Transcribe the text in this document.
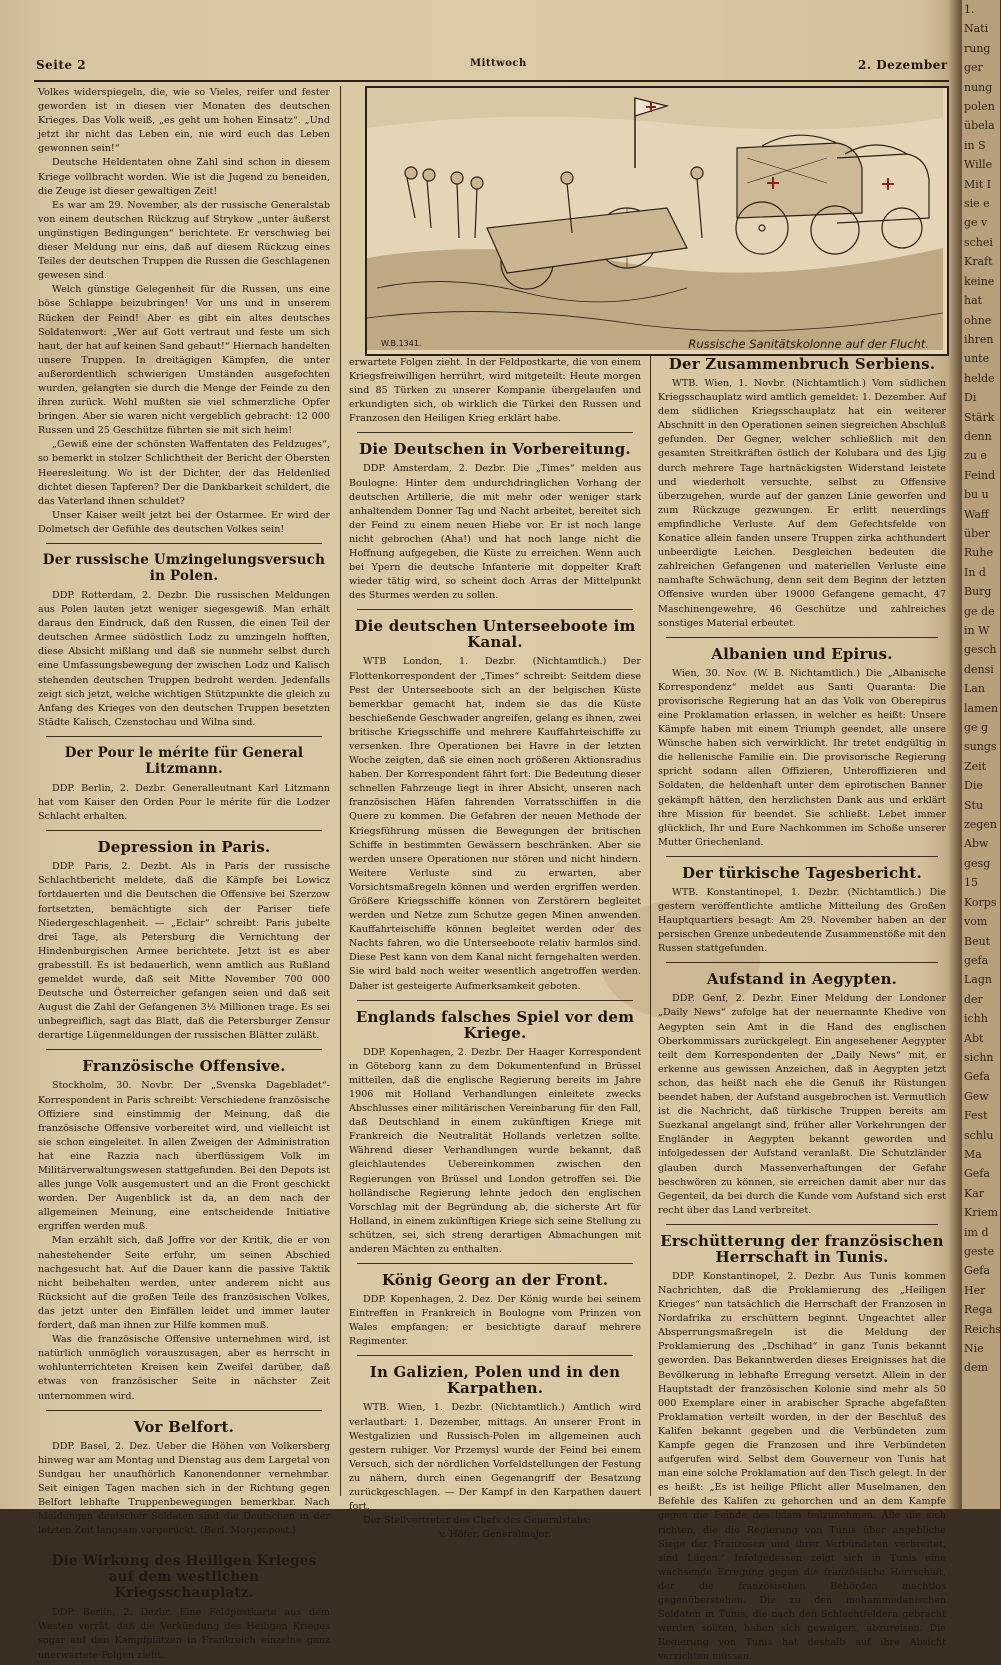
Seite 2	Mittwoch	2. Dezember
W.B.1341.	Russische Sanitätskolonne auf der Flucht.

Volkes widerspiegeln, die, wie so Vieles, reifer und fester geworden ist in diesen vier Monaten des deutschen Krieges. Das Volk weiß, „es geht um hohen Einsatz“. „Und jetzt ihr nicht das Leben ein, nie wird euch das Leben gewonnen sein!“

Deutsche Heldentaten ohne Zahl sind schon in diesem Kriege vollbracht worden. Wie ist die Jugend zu beneiden, die Zeuge ist dieser gewaltigen Zeit!

Es war am 29. November, als der russische Generalstab von einem deutschen Rückzug auf Strykow „unter äußerst ungünstigen Bedingungen“ berichtete. Er verschwieg bei dieser Meldung nur eins, daß auf diesem Rückzug eines Teiles der deutschen Truppen die Russen die Geschlagenen gewesen sind.

Welch günstige Gelegenheit für die Russen, uns eine böse Schlappe beizubringen! Vor uns und in unserem Rücken der Feind! Aber es gibt ein altes deutsches Soldatenwort: „Wer auf Gott vertraut und feste um sich haut, der hat auf keinen Sand gebaut!“ Hiernach handelten unsere Truppen. In dreitägigen Kämpfen, die unter außerordentlich schwierigen Umständen ausgefochten wurden, gelangten sie durch die Menge der Feinde zu den ihren zurück. Wohl mußten sie viel schmerzliche Opfer bringen. Aber sie waren nicht vergeblich gebracht: 12 000 Russen und 25 Geschütze führten sie mit sich heim!

„Gewiß eine der schönsten Waffentaten des Feldzuges“, so bemerkt in stolzer Schlichtheit der Bericht der Obersten Heeresleitung. Wo ist der Dichter, der das Heldenlied dichtet diesen Tapferen? Der die Dankbarkeit schildert, die das Vaterland ihnen schuldet?

Unser Kaiser weilt jetzt bei der Ostarmee. Er wird der Dolmetsch der Gefühle des deutschen Volkes sein!

Der russische Umzingelungsversuch in Polen.

DDP. Rotterdam, 2. Dezbr. Die russischen Meldungen aus Polen lauten jetzt weniger siegesgewiß. Man erhält daraus den Eindruck, daß den Russen, die einen Teil der deutschen Armee südöstlich Lodz zu umzingeln hofften, diese Absicht mißlang und daß sie nunmehr selbst durch eine Umfassungsbewegung der zwischen Lodz und Kalisch stehenden deutschen Truppen bedroht werden. Jedenfalls zeigt sich jetzt, welche wichtigen Stützpunkte die gleich zu Anfang des Krieges von den deutschen Truppen besetzten Städte Kalisch, Czenstochau und Wilna sind.

Der Pour le mérite für General Litzmann.

DDP. Berlin, 2. Dezbr. Generalleutnant Karl Litzmann hat vom Kaiser den Orden Pour le mérite für die Lodzer Schlacht erhalten.

Depression in Paris.

DDP. Paris, 2. Dezbt. Als in Paris der russische Schlachtbericht meldete, daß die Kämpfe bei Lowicz fortdauerten und die Deutschen die Offensive bei Szerzow fortsetzten, bemächtigte sich der Pariser tiefe Niedergeschlagenheit. — „Eclair“ schreibt: Paris jubelte drei Tage, als Petersburg die Vernichtung der Hindenburgischen Armee berichtete. Jetzt ist es aber grabesstill. Es ist bedauerlich, wenn amtlich aus Rußland gemeldet wurde, daß seit Mitte November 700 000 Deutsche und Österreicher gefangen seien und daß seit August die Zahl der Gefangenen 3½ Millionen trage. Es sei unbegreiflich, sagt das Blatt, daß die Petersburger Zensur derartige Lügenmeldungen der russischen Blätter zuläßt.

Französische Offensive.

Stockholm, 30. Novbr. Der „Svenska Dagebladet“-Korrespondent in Paris schreibt: Verschiedene französische Offiziere sind einstimmig der Meinung, daß die französische Offensive vorbereitet wird, und vielleicht ist sie schon eingeleitet. In allen Zweigen der Administration hat eine Razzia nach überflüssigem Volk im Militärverwaltungswesen stattgefunden. Bei den Depots ist alles junge Volk ausgemustert und an die Front geschickt worden. Der Augenblick ist da, an dem nach der allgemeinen Meinung, eine entscheidende Initiative ergriffen werden muß.

Man erzählt sich, daß Joffre vor der Kritik, die er von nahestehender Seite erfuhr, um seinen Abschied nachgesucht hat. Auf die Dauer kann die passive Taktik nicht beibehalten werden, unter anderem nicht aus Rücksicht auf die großen Teile des französischen Volkes, das jetzt unter den Einfällen leidet und immer lauter fordert, daß man ihnen zur Hilfe kommen muß.

Was die französische Offensive unternehmen wird, ist natürlich unmöglich vorauszusagen, aber es herrscht in wohlunterrichteten Kreisen kein Zweifel darüber, daß etwas von französischer Seite in nächster Zeit unternommen wird.

Vor Belfort.

DDP. Basel, 2. Dez. Ueber die Höhen von Volkersberg hinweg war am Montag und Dienstag aus dem Largetal von Sundgau her unaufhörlich Kanonendonner vernehmbar. Seit einigen Tagen machen sich in der Richtung gegen Belfort lebhafte Truppenbewegungen bemerkbar. Nach Meldungen deutscher Soldaten sind die Deutschen in der letzten Zeit langsam vorgerückt. (Berl. Morgenpost.)

Die Wirkung des Heiligen Krieges auf dem westlichen Kriegsschauplatz.

DDP. Berlin, 2. Dezbr. Eine Feldpostkarte aus dem Westen verrät, daß die Verkündung des Heiligen Krieges sogar auf den Kampfplätzen in Frankreich einzelne ganz unerwartete Folgen zieht.

erwartete Folgen zieht. In der Feldpostkarte, die von einem Kriegsfreiwilligen herrührt, wird mitgeteilt: Heute morgen sind 85 Türken zu unserer Kompanie übergelaufen und erkundigten sich, ob wirklich die Türkei den Russen und Franzosen den Heiligen Krieg erklärt habe.

Die Deutschen in Vorbereitung.

DDP. Amsterdam, 2. Dezbr. Die „Times“ melden aus Boulogne: Hinter dem undurchdringlichen Vorhang der deutschen Artillerie, die mit mehr oder weniger stark anhaltendem Donner Tag und Nacht arbeitet, bereitet sich der Feind zu einem neuen Hiebe vor. Er ist noch lange nicht gebrochen (Aha!) und hat noch lange nicht die Hoffnung aufgegeben, die Küste zu erreichen. Wenn auch bei Ypern die deutsche Infanterie mit doppelter Kraft wieder tätig wird, so scheint doch Arras der Mittelpunkt des Sturmes werden zu sollen.

Die deutschen Unterseeboote im Kanal.

WTB London, 1. Dezbr. (Nichtamtlich.) Der Flottenkorrespondent der „Times“ schreibt: Seitdem diese Pest der Unterseeboote sich an der belgischen Küste bemerkbar gemacht hat, indem sie das die Küste beschießende Geschwader angreifen, gelang es ihnen, zwei britische Kriegsschiffe und mehrere Kauffahrteischiffe zu versenken. Ihre Operationen bei Havre in der letzten Woche zeigten, daß sie einen noch größeren Aktionsradius haben. Der Korrespondent fährt fort: Die Bedeutung dieser schnellen Fahrzeuge liegt in ihrer Absicht, unseren nach französischen Häfen fahrenden Vorratsschiffen in die Quere zu kommen. Die Gefahren der neuen Methode der Kriegsführung müssen die Bewegungen der britischen Schiffe in bestimmten Gewässern beschränken. Aber sie werden unsere Operationen nur stören und nicht hindern. Weitere Verluste sind zu erwarten, aber Vorsichtsmaßregeln können und werden ergriffen werden. Größere Kriegsschiffe können von Zerstörern begleitet werden und Netze zum Schutze gegen Minen anwenden. Kauffahrteischiffe können begleitet werden oder des Nachts fahren, wo die Unterseeboote relativ harmlos sind. Diese Pest kann von dem Kanal nicht ferngehalten werden. Sie wird bald noch weiter wesentlich angetroffen werden. Daher ist gesteigerte Aufmerksamkeit geboten.

Englands falsches Spiel vor dem Kriege.

DDP. Kopenhagen, 2. Dezbr. Der Haager Korrespondent in Göteborg kann zu dem Dokumentenfund in Brüssel mitteilen, daß die englische Regierung bereits im Jahre 1906 mit Holland Verhandlungen einleitete zwecks Abschlusses einer militärischen Vereinbarung für den Fall, daß Deutschland in einem zukünftigen Kriege mit Frankreich die Neutralität Hollands verletzen sollte. Während dieser Verhandlungen wurde bekannt, daß gleichlautendes Uebereinkommen zwischen den Regierungen von Brüssel und London getroffen sei. Die holländische Regierung lehnte jedoch den englischen Vorschlag mit der Begründung ab, die sicherste Art für Holland, in einem zukünftigen Kriege sich seine Stellung zu schützen, sei, sich streng derartigen Abmachungen mit anderen Mächten zu enthalten.

König Georg an der Front.

DDP. Kopenhagen, 2. Dez. Der König wurde bei seinem Eintreffen in Frankreich in Boulogne vom Prinzen von Wales empfangen; er besichtigte darauf mehrere Regimenter.

In Galizien, Polen und in den Karpathen.

WTB. Wien, 1. Dezbr. (Nichtamtlich.) Amtlich wird verlautbart: 1. Dezember, mittags. An unserer Front in Westgalizien und Russisch-Polen im allgemeinen auch gestern ruhiger. Vor Przemysl wurde der Feind bei einem Versuch, sich der nördlichen Vorfeldstellungen der Festung zu nähern, durch einen Gegenangriff der Besatzung zurückgeschlagen. — Der Kampf in den Karpathen dauert fort.

Der Stellvertreter des Chefs des Generalstabs:

v. Höfer, Generalmajor.

Der Zusammenbruch Serbiens.

WTB. Wien, 1. Novbr. (Nichtamtlich.) Vom südlichen Kriegsschauplatz wird amtlich gemeldet: 1. Dezember. Auf dem südlichen Kriegsschauplatz hat ein weiterer Abschnitt in den Operationen seinen siegreichen Abschluß gefunden. Der Gegner, welcher schließlich mit den gesamten Streitkräften östlich der Kolubara und des Ljig durch mehrere Tage hartnäckigsten Widerstand leistete und wiederholt versuchte, selbst zu Offensive überzugehen, wurde auf der ganzen Linie geworfen und zum Rückzuge gezwungen. Er erlitt neuerdings empfindliche Verluste. Auf dem Gefechtsfelde von Konatice allein fanden unsere Truppen zirka achthundert unbeerdigte Leichen. Desgleichen bedeuten die zahlreichen Gefangenen und materiellen Verluste eine namhafte Schwächung, denn seit dem Beginn der letzten Offensive wurden über 19000 Gefangene gemacht, 47 Maschinengewehre, 46 Geschütze und zahlreiches sonstiges Material erbeutet.

Albanien und Epirus.

Wien, 30. Nov. (W. B. Nichtamtlich.) Die „Albanische Korrespondenz“ meldet aus Santi Quaranta: Die provisorische Regierung hat an das Volk von Oberepirus eine Proklamation erlassen, in welcher es heißt: Unsere Kämpfe haben mit einem Triumph geendet, alle unsere Wünsche haben sich verwirklicht. Ihr tretet endgültig in die hellenische Familie ein. Die provisorische Regierung spricht sodann allen Offizieren, Unteroffizieren und Soldaten, die heldenhaft unter dem epirotischen Banner gekämpft hätten, den herzlichsten Dank aus und erklärt ihre Mission für beendet. Sie schließt: Lebet immer glücklich, Ihr und Eure Nachkommen im Schoße unserer Mutter Griechenland.

Der türkische Tagesbericht.

WTB. Konstantinopel, 1. Dezbr. (Nichtamtlich.) Die gestern veröffentlichte amtliche Mitteilung des Großen Hauptquartiers besagt: Am 29. November haben an der persischen Grenze unbedeutende Zusammenstöße mit den Russen stattgefunden.

Aufstand in Aegypten.

DDP. Genf, 2. Dezbr. Einer Meldung der Londoner „Daily News“ zufolge hat der neuernannte Khedive von Aegypten sein Amt in die Hand des englischen Oberkommissars zurückgelegt. Ein angesehener Aegypter teilt dem Korrespondenten der „Daily News“ mit, er erkenne aus gewissen Anzeichen, daß in Aegypten jetzt schon, das heißt nach ehe die Genuß ihr Rüstungen beendet haben, der Aufstand ausgebrochen ist. Vermutlich ist die Nachricht, daß türkische Truppen bereits am Suezkanal angelangt sind, früher aller Vorkehrungen der Engländer in Aegypten bekannt geworden und infolgedessen der Aufstand veranlaßt. Die Schutzländer glauben durch Massenverhaftungen der Gefahr beschwören zu können, sie erreichen damit aber nur das Gegenteil, da bei durch die Kunde vom Aufstand sich erst recht über das Land verbreitet.

Erschütterung der französischen Herrschaft in Tunis.

DDP. Konstantinopel, 2. Dezbr. Aus Tunis kommen Nachrichten, daß die Proklamierung des „Heiligen Krieges“ nun tatsächlich die Herrschaft der Franzosen in Nordafrika zu erschüttern beginnt. Ungeachtet aller Absperrungsmaßregeln ist die Meldung der Proklamierung des „Dschihad“ in ganz Tunis bekannt geworden. Das Bekanntwerden dieses Ereignisses hat die Bevölkerung in lebhafte Erregung versetzt. Allein in der Hauptstadt der französischen Kolonie sind mehr als 50 000 Exemplare einer in arabischer Sprache abgefaßten Proklamation verteilt worden, in der der Beschluß des Kalifen bekannt gegeben und die Verbündeten zum Kampfe gegen die Franzosen und ihre Verbündeten aufgerufen wird. Selbst dem Gouverneur von Tunis hat man eine solche Proklamation auf den Tisch gelegt. In der es heißt: „Es ist heilige Pflicht aller Muselmanen, den Befehle des Kalifen zu gehorchen und an dem Kampfe gegen die Feinde des Islam teilzunehmen. Alle die sich richten, die die Regierung von Tunis über angebliche Siege der Franzosen und ihrer Verbündeten verbreitet, sind Lügen.“ Infolgedessen zeigt sich in Tunis eine wachsende Erregung gegen die französische Herrschaft, der die französischen Behörden machtlos gegenüberstehen. Die zu den mohammedanischen Soldaten in Tunis, die nach den Schlachtfeldern gebracht werden sollten, haben sich geweigert, abzureisen. Die Regierung von Tunis hat deshalb auf ihre Absicht verzichten müssen.

1.
Nati
rung
ger
nung
polen
übela
in S
Wille
Mit I
sie e
ge v
schei
Kraft
keine
hat
ohne
ihren
unte
helde
Di
Stärk
denn
zu e
Feind
bu u
Waff
über
Ruhe
In d
Burg
ge de
in W
gesch
densi
Lan
lamen
ge g
sungs
Zeit
Die
Stu
zegen
Abw
gesg
15
Korps
vom
Beut
gefa
Lagn
der
ichh
Abt
sichn
Gefa
Gew
Fest
schlu
Ma
Gefa
Kar
Kriem
im d
geste
Gefa
Her
Rega
Reichs
Nie
dem
